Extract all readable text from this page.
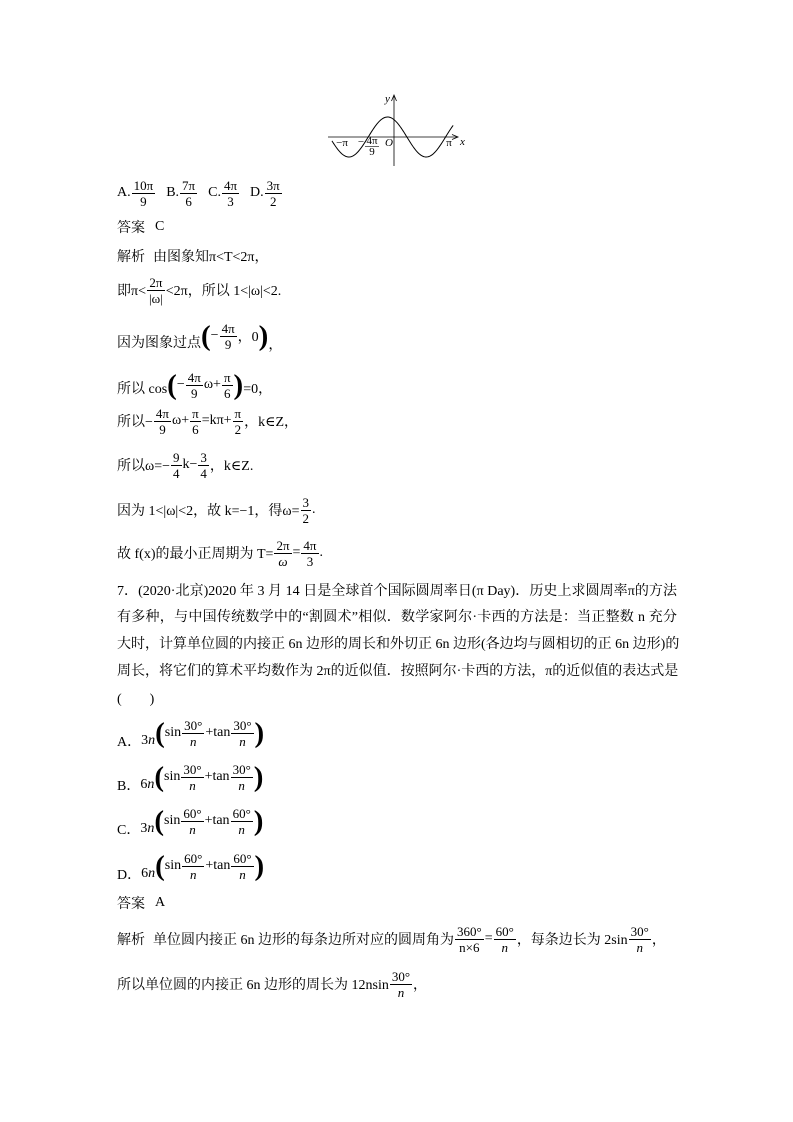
y
−π − 4π
9
O	π x
A. $\frac{10\pi}{9} B$. $\frac{7\pi}{6} C$. $\frac{4\pi}{3} D$. $\frac{3\pi}{2}$
答案 C
解析 由图象知π<T<2π，
即$\pi< \frac{2\pi}{|\omega|} <2\pi$，所以 1<|ω|<2.
因为图象过点 ( − $\frac{4\pi}{9}$ ，0 ) ，
所以 cos ( − $\frac{4\pi}{9} \omega+ \frac{\pi}{6}$ ) =0，
所以− $\frac{4\pi}{9} \omega+ \frac{\pi}{6} =k\pi+ \frac{\pi}{2}$ ，k∈Z，
所以$\omega=- \frac{9}{4} k- \frac{3}{4}$ ，k∈Z.
因为 1<|ω|<2，故 k=−1，得$\omega= \frac{3}{2}$ .
故 f(x)的最小正周期为 $T= \frac{2\pi}{\omega} = \frac{4\pi}{3}$ .
7．(2020·北京)2020 年 3 月 14 日是全球首个国际圆周率日(π Day)．历史上求圆周率π的方法
有多种，与中国传统数学中的“割圆术”相似．数学家阿尔·卡西的方法是：当正整数 n 充分
大时，计算单位圆的内接正 6n 边形的周长和外切正 6n 边形(各边均与圆相切的正 6n 边形)的
周长，将它们的算术平均数作为 2π的近似值．按照阿尔·卡西的方法，π的近似值的表达式是
(　　)
A． 3 n ( $\sin \frac{30^\circ}{n} +\tan \frac{30^\circ}{n}$ )
B． 6 n ( $\sin \frac{30^\circ}{n} +\tan \frac{30^\circ}{n}$ )
C． 3 n ( $\sin \frac{60^\circ}{n} +\tan \frac{60^\circ}{n}$ )
D． 6 n ( $\sin \frac{60^\circ}{n} +\tan \frac{60^\circ}{n}$ )
答案 A
解析 单位圆内接正 6n 边形的每条边所对应的圆周角为 $\frac{360^\circ}{n\times 6} = \frac{60^\circ}{n}$ ，每条边长为 $2\sin \frac{30^\circ}{n}$ ，
所以单位圆的内接正 6n 边形的周长为 $12nsin \frac{30^\circ}{n}$ ，
